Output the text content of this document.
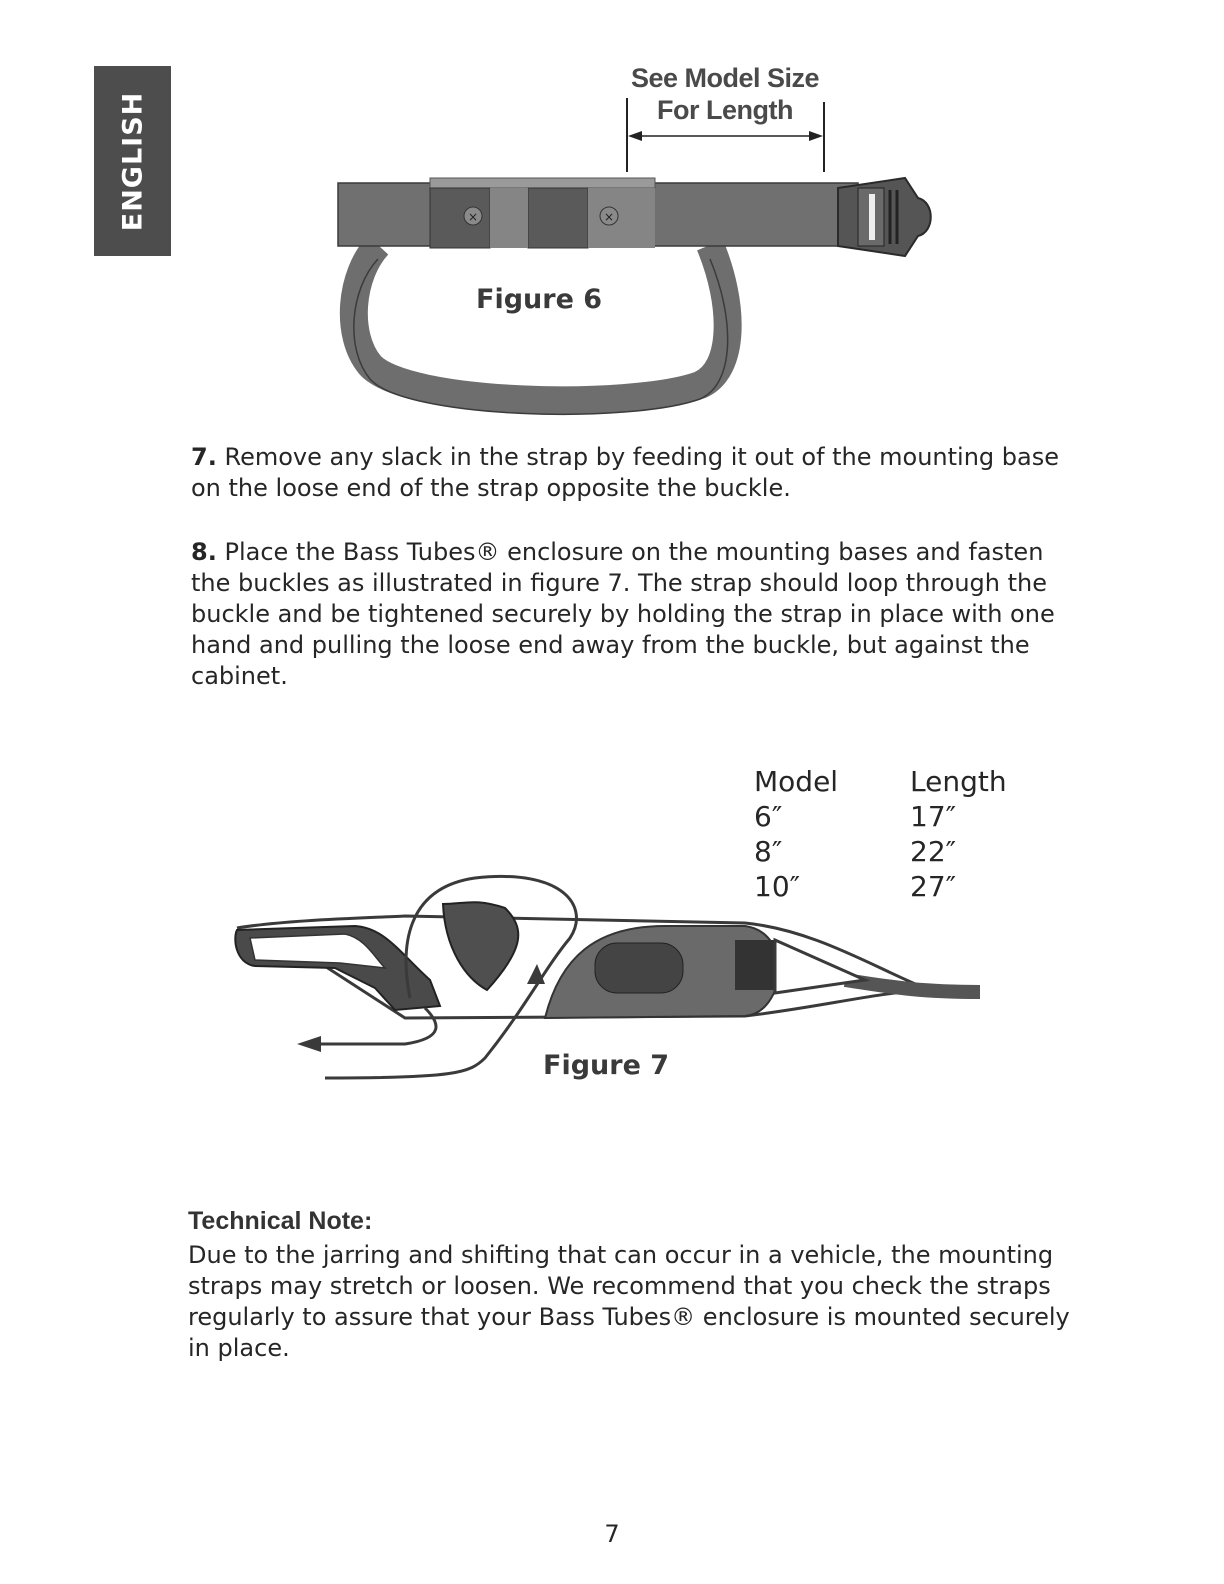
ENGLISH	×	×
See Model Size
For Length
Figure 6
7. Remove any slack in the strap by feeding it out of the mounting base on the loose end of the strap opposite the buckle.
8. Place the Bass Tubes® enclosure on the mounting bases and fasten the buckles as illustrated in figure 7. The strap should loop through the buckle and be tightened securely by holding the strap in place with one hand and pulling the loose end away from the buckle, but against the cabinet.
Model	Length
6″	17″
8″	22″
10″	27″
Figure 7
Technical Note:
Due to the jarring and shifting that can occur in a vehicle, the mounting straps may stretch or loosen. We recommend that you check the straps regularly to assure that your Bass Tubes® enclosure is mounted securely in place.
7
